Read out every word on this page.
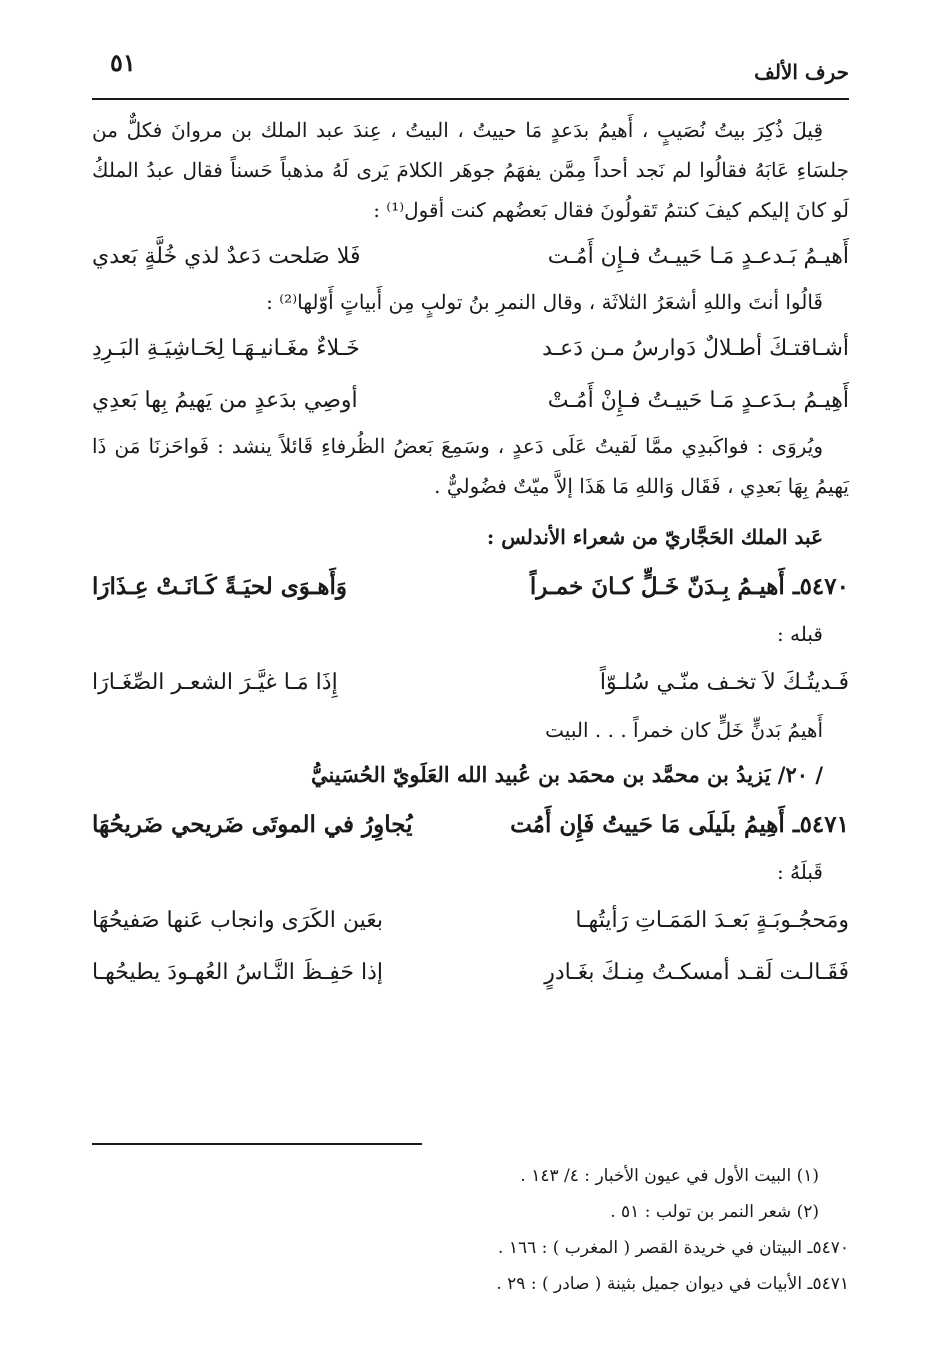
٥١	حرف الألف

قِيلَ ذُكِرَ بيتُ نُصَيبٍ ، أَهيمُ بدَعدٍ مَا حييتُ ، البيتُ ، عِندَ عبد الملك بن مروانَ فكلٌّ من جلسَاءِ عَابَهُ فقالُوا لم نَجد أحداً مِمَّن يفهَمُ جوهَر الكلامَ يَرى لَهُ مذهباً حَسناً فقال عبدُ الملكُ لَو كانَ إليكم كيفَ كنتمُ تَقولُونَ فقال بَعضُهم كنت أقول⁽¹⁾ :

أَهيـمُ بَـدعـدٍ مَـا حَييـتُ فـإِن أَمُـت
فَلا صَلحت دَعدٌ لذي خُلَّةٍ بَعدي

قَالُوا أنتَ واللهِ أشعَرُ الثلاثَة ، وقال النمرِ بنُ تولبٍ مِن أَبياتٍ أَوّلها⁽²⁾ :

أشـاقتـكَ أطـلالٌ دَوارسُ مـن دَعـد
خَـلاءٌ مغَـانيـهَـا لِحَـاشِيَـةِ البَـرِدِ
أَهِيـمُ بـدَعـدٍ مَـا حَييـتُ فـإِنْ أَمُـتْ
أوصِي بدَعدٍ من يَهيمُ بِها بَعدِي

ويُروَى : فواكَبدِي ممَّا لَقيتُ عَلَى دَعدٍ ، وسَمِعَ بَعضُ الظُرفاءِ قَائلاً ينشد : فَواحَزنَا مَن ذَا يَهيمُ بِهَا بَعدِي ، فَقَال وَاللهِ مَا هَذَا إلاَّ ميّتٌ فضُوليٌّ .

عَبد الملك الحَجَّاريّ من شعراء الأندلس :
٥٤٧٠ـ أَهيـمُ بِـدَنّ خَـلٍّ كـانَ خمـراً
وَأَهـوَى لحيَـةً كَـانَـتْ عِـذَارَا
قبله :
فَـديتُـكَ لاَ تخـف منّـي سُلـوّاً
إِذَا مَـا غيَّـرَ الشعـر الصِّغَـارَا
أَهيمُ بَدنٍّ خَلٍّ كان خمراً . . . البيت
/ ٢٠/ يَزيدُ بن محمَّد بن محمَد بن عُبيد الله العَلَويّ الحُسَينيُّ
٥٤٧١ـ أَهِيمُ بلَيلَى مَا حَييتُ فَإِن أَمُت
يُجاوِرُ في الموتَى ضَريحي ضَريحُهَا
قَبلَهُ :
ومَحجُـوبَـةٍ بَعـدَ المَمَـاتِ رَأيتُهـا
بعَين الكَرَى وانجاب عَنها صَفيحُهَا
فَقَـالـت لَقـد أمسكـتُ مِنـكَ بغَـادرٍ
إذا حَفِـظَ النَّـاسُ العُهـودَ يطيحُهـا
(١) البيت الأول في عيون الأخبار : ٤/ ١٤٣ .
(٢) شعر النمر بن تولب : ٥١ .
٥٤٧٠ـ البيتان في خريدة القصر ( المغرب ) : ١٦٦ .
٥٤٧١ـ الأبيات في ديوان جميل بثينة ( صادر ) : ٢٩ .
